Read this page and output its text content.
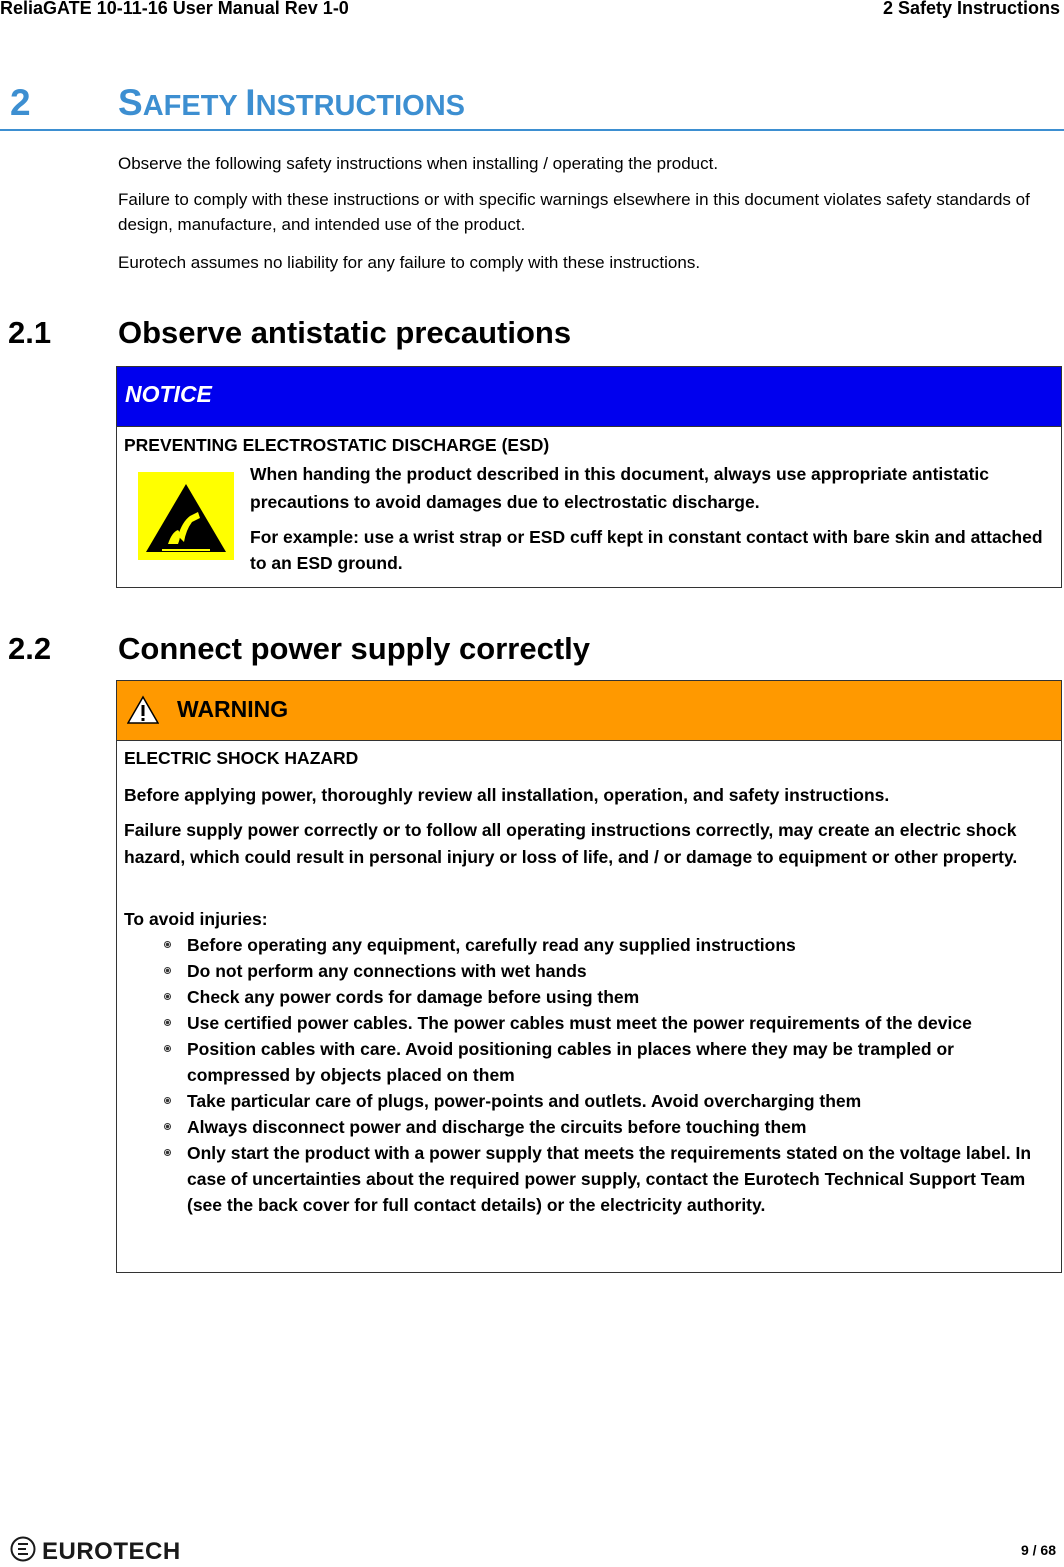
ReliaGATE 10-11-16 User Manual Rev 1-0	2 Safety Instructions
2 SAFETY INSTRUCTIONS
Observe the following safety instructions when installing / operating the product.
Failure to comply with these instructions or with specific warnings elsewhere in this document violates safety standards of design, manufacture, and intended use of the product.
Eurotech assumes no liability for any failure to comply with these instructions.
2.1 Observe antistatic precautions
NOTICE
PREVENTING ELECTROSTATIC DISCHARGE (ESD)
When handing the product described in this document, always use appropriate antistatic precautions to avoid damages due to electrostatic discharge.
For example: use a wrist strap or ESD cuff kept in constant contact with bare skin and attached to an ESD ground.
2.2 Connect power supply correctly
WARNING
ELECTRIC SHOCK HAZARD
Before applying power, thoroughly review all installation, operation, and safety instructions.
Failure supply power correctly or to follow all operating instructions correctly, may create an electric shock hazard, which could result in personal injury or loss of life, and / or damage to equipment or other property.
To avoid injuries:
Before operating any equipment, carefully read any supplied instructions
Do not perform any connections with wet hands
Check any power cords for damage before using them
Use certified power cables. The power cables must meet the power requirements of the device
Position cables with care. Avoid positioning cables in places where they may be trampled or compressed by objects placed on them
Take particular care of plugs, power-points and outlets. Avoid overcharging them
Always disconnect power and discharge the circuits before touching them
Only start the product with a power supply that meets the requirements stated on the voltage label. In case of uncertainties about the required power supply, contact the Eurotech Technical Support Team (see the back cover for full contact details) or the electricity authority.
EUROTECH	9 / 68
